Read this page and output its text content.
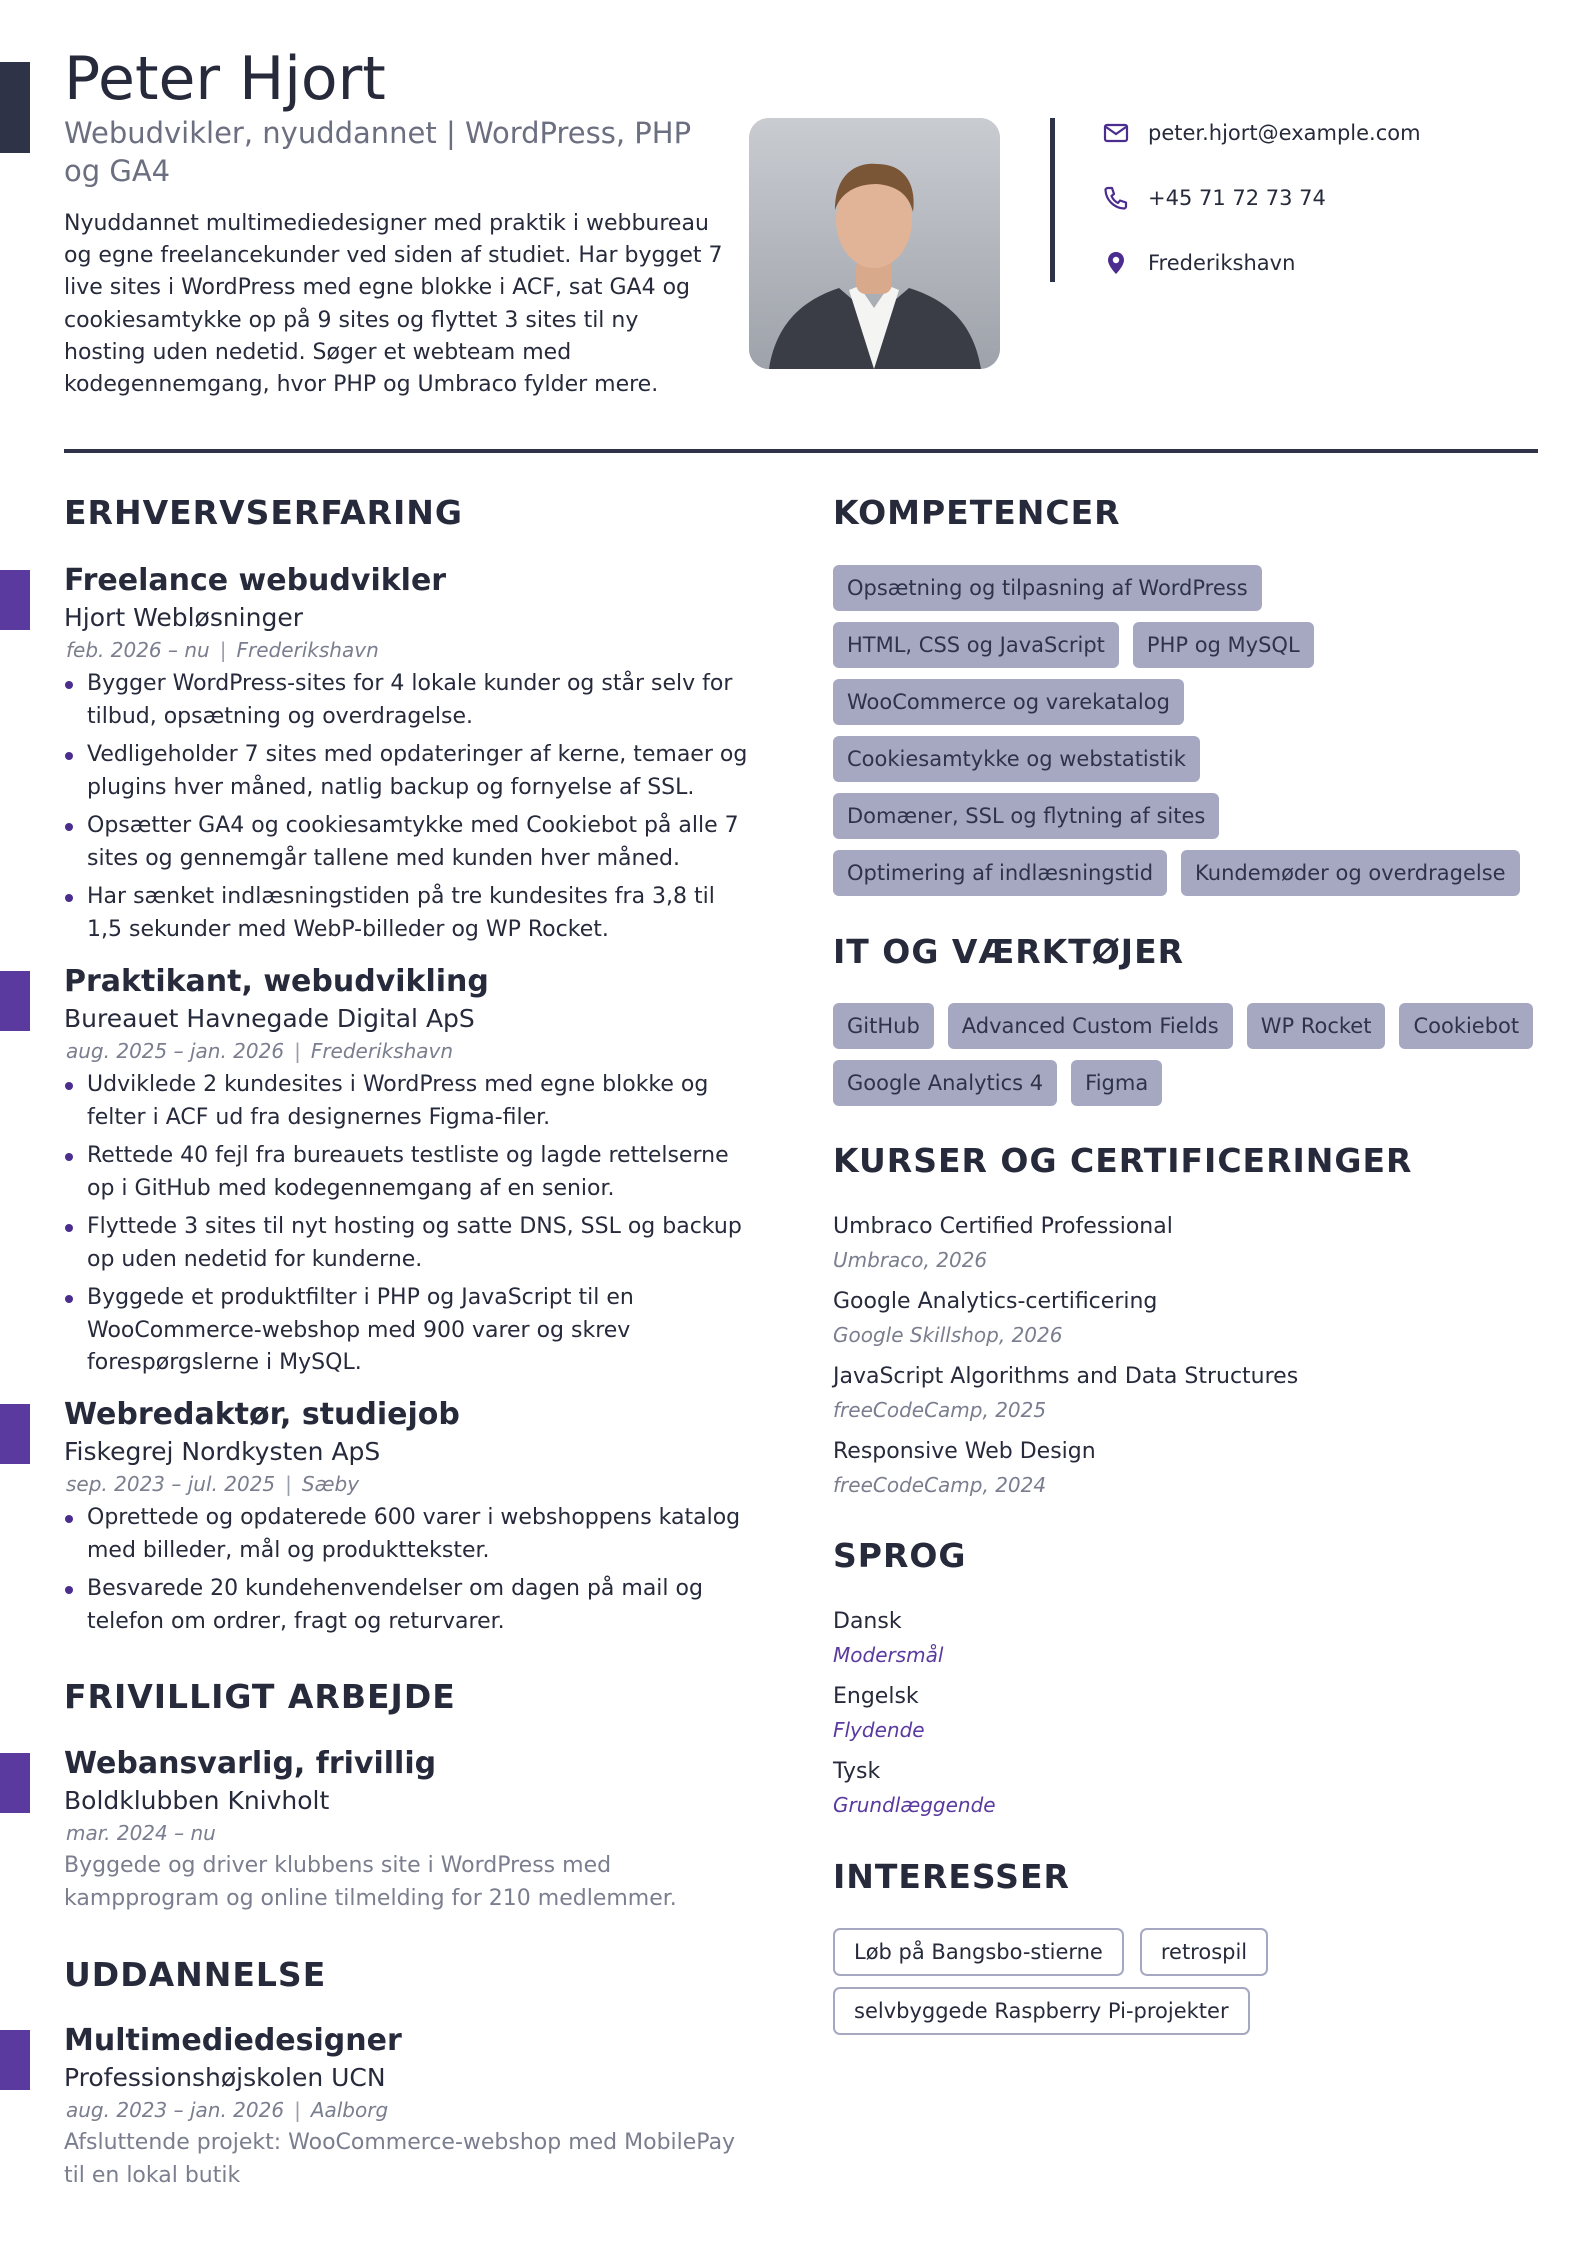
Peter Hjort
Webudvikler, nyuddannet | WordPress, PHP og GA4
Nyuddannet multimediedesigner med praktik i webbureau og egne freelancekunder ved siden af studiet. Har bygget 7 live sites i WordPress med egne blokke i ACF, sat GA4 og cookiesamtykke op på 9 sites og flyttet 3 sites til ny hosting uden nedetid. Søger et webteam med kodegennemgang, hvor PHP og Umbraco fylder mere.
peter.hjort@example.com
+45 71 72 73 74
Frederikshavn
ERHVERVSERFARING
Freelance webudvikler
Hjort Webløsninger
feb. 2026 – nu | Frederikshavn
Bygger WordPress-sites for 4 lokale kunder og står selv for tilbud, opsætning og overdragelse.
Vedligeholder 7 sites med opdateringer af kerne, temaer og plugins hver måned, natlig backup og fornyelse af SSL.
Opsætter GA4 og cookiesamtykke med Cookiebot på alle 7 sites og gennemgår tallene med kunden hver måned.
Har sænket indlæsningstiden på tre kundesites fra 3,8 til 1,5 sekunder med WebP-billeder og WP Rocket.
Praktikant, webudvikling
Bureauet Havnegade Digital ApS
aug. 2025 – jan. 2026 | Frederikshavn
Udviklede 2 kundesites i WordPress med egne blokke og felter i ACF ud fra designernes Figma-filer.
Rettede 40 fejl fra bureauets testliste og lagde rettelserne op i GitHub med kodegennemgang af en senior.
Flyttede 3 sites til nyt hosting og satte DNS, SSL og backup op uden nedetid for kunderne.
Byggede et produktfilter i PHP og JavaScript til en WooCommerce-webshop med 900 varer og skrev forespørgslerne i MySQL.
Webredaktør, studiejob
Fiskegrej Nordkysten ApS
sep. 2023 – jul. 2025 | Sæby
Oprettede og opdaterede 600 varer i webshoppens katalog med billeder, mål og produkttekster.
Besvarede 20 kundehenvendelser om dagen på mail og telefon om ordrer, fragt og returvarer.
FRIVILLIGT ARBEJDE
Webansvarlig, frivillig
Boldklubben Knivholt
mar. 2024 – nu
Byggede og driver klubbens site i WordPress med kampprogram og online tilmelding for 210 medlemmer.
UDDANNELSE
Multimediedesigner
Professionshøjskolen UCN
aug. 2023 – jan. 2026 | Aalborg
Afsluttende projekt: WooCommerce-webshop med MobilePay til en lokal butik
KOMPETENCER
Opsætning og tilpasning af WordPress
HTML, CSS og JavaScript	PHP og MySQL
WooCommerce og varekatalog
Cookiesamtykke og webstatistik
Domæner, SSL og flytning af sites
Optimering af indlæsningstid	Kundemøder og overdragelse
IT OG VÆRKTØJER
GitHub	Advanced Custom Fields	WP Rocket	Cookiebot
Google Analytics 4	Figma
KURSER OG CERTIFICERINGER
Umbraco Certified Professional
Umbraco, 2026
Google Analytics-certificering
Google Skillshop, 2026
JavaScript Algorithms and Data Structures
freeCodeCamp, 2025
Responsive Web Design
freeCodeCamp, 2024
SPROG
Dansk
Modersmål
Engelsk
Flydende
Tysk
Grundlæggende
INTERESSER
Løb på Bangsbo-stierne	retrospil
selvbyggede Raspberry Pi-projekter
